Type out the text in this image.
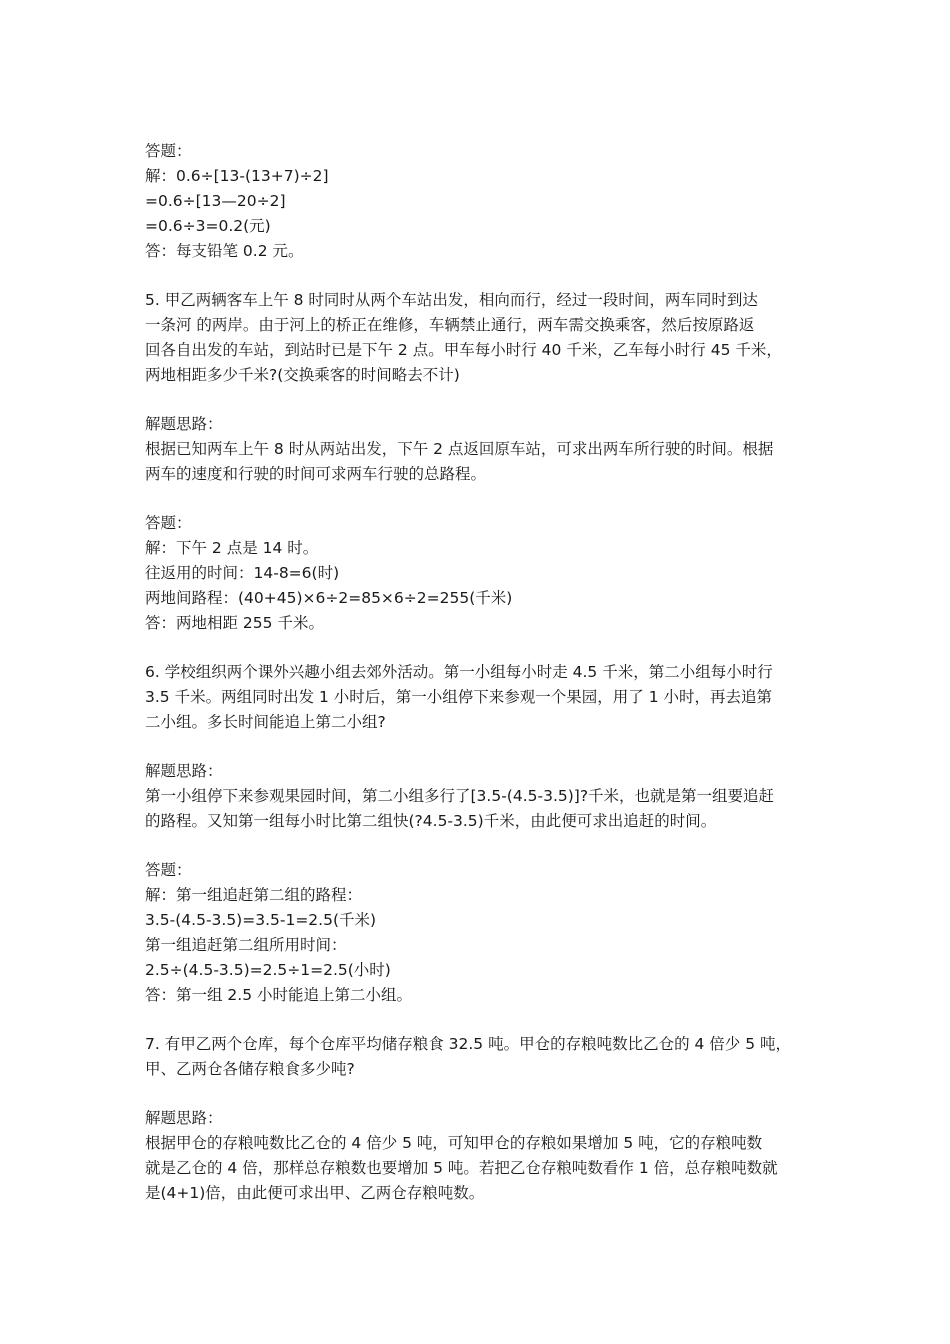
答题：
解：0.6÷[13-(13+7)÷2]
=0.6÷[13—20÷2]
=0.6÷3=0.2(元)
答：每支铅笔 0.2 元。
5. 甲乙两辆客车上午 8 时同时从两个车站出发，相向而行，经过一段时间，两车同时到达
一条河 的两岸。由于河上的桥正在维修，车辆禁止通行，两车需交换乘客，然后按原路返
回各自出发的车站，到站时已是下午 2 点。甲车每小时行 40 千米，乙车每小时行 45 千米，
两地相距多少千米?(交换乘客的时间略去不计)
解题思路：
根据已知两车上午 8 时从两站出发，下午 2 点返回原车站，可求出两车所行驶的时间。根据
两车的速度和行驶的时间可求两车行驶的总路程。
答题：
解：下午 2 点是 14 时。
往返用的时间：14-8=6(时)
两地间路程：(40+45)×6÷2=85×6÷2=255(千米)
答：两地相距 255 千米。
6. 学校组织两个课外兴趣小组去郊外活动。第一小组每小时走 4.5 千米，第二小组每小时行
3.5 千米。两组同时出发 1 小时后，第一小组停下来参观一个果园，用了 1 小时，再去追第
二小组。多长时间能追上第二小组?
解题思路：
第一小组停下来参观果园时间，第二小组多行了[3.5-(4.5-3.5)]?千米，也就是第一组要追赶
的路程。又知第一组每小时比第二组快(?4.5-3.5)千米，由此便可求出追赶的时间。
答题：
解：第一组追赶第二组的路程：
3.5-(4.5-3.5)=3.5-1=2.5(千米)
第一组追赶第二组所用时间：
2.5÷(4.5-3.5)=2.5÷1=2.5(小时)
答：第一组 2.5 小时能追上第二小组。
7. 有甲乙两个仓库，每个仓库平均储存粮食 32.5 吨。甲仓的存粮吨数比乙仓的 4 倍少 5 吨，
甲、乙两仓各储存粮食多少吨?
解题思路：
根据甲仓的存粮吨数比乙仓的 4 倍少 5 吨，可知甲仓的存粮如果增加 5 吨，它的存粮吨数
就是乙仓的 4 倍，那样总存粮数也要增加 5 吨。若把乙仓存粮吨数看作 1 倍，总存粮吨数就
是(4+1)倍，由此便可求出甲、乙两仓存粮吨数。
